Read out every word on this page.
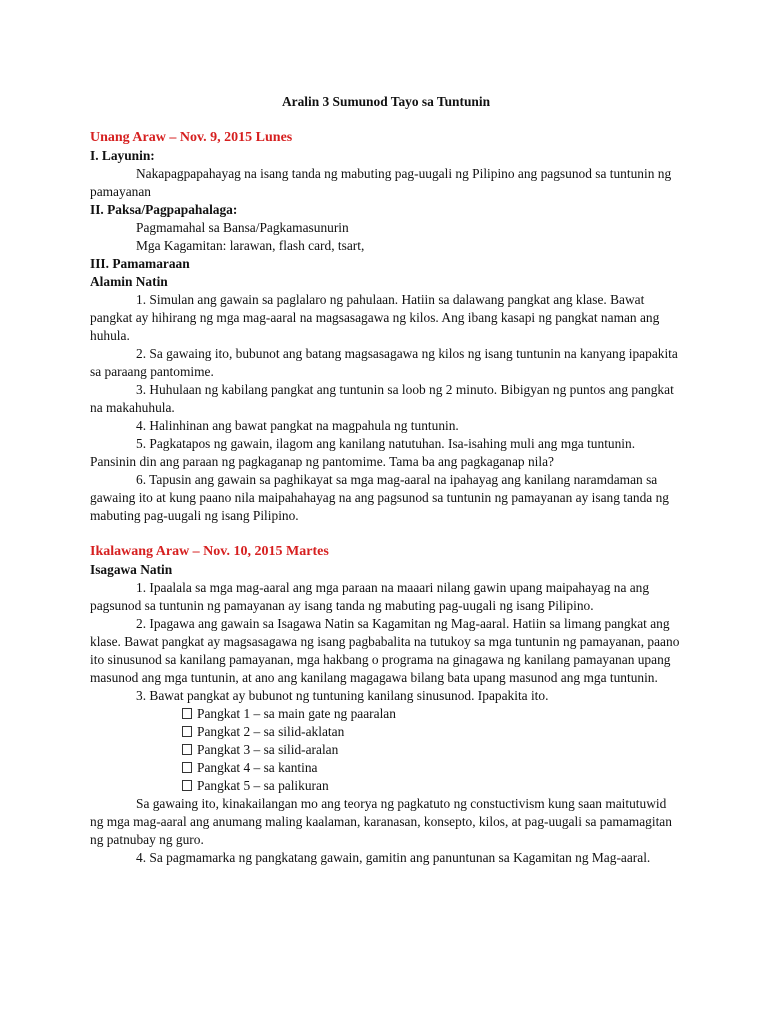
Aralin 3 Sumunod Tayo sa Tuntunin
Unang Araw – Nov. 9, 2015 Lunes
I. Layunin:

Nakapagpapahayag na isang tanda ng mabuting pag-uugali ng Pilipino ang pagsunod sa tuntunin ng pamayanan

II. Paksa/Pagpapahalaga:
Pagmamahal sa Bansa/Pagkamasunurin
Mga Kagamitan: larawan, flash card, tsart,
III. Pamamaraan
Alamin Natin

1. Simulan ang gawain sa paglalaro ng pahulaan. Hatiin sa dalawang pangkat ang klase. Bawat pangkat ay hihirang ng mga mag-aaral na magsasagawa ng kilos. Ang ibang kasapi ng pangkat naman ang huhula.

2. Sa gawaing ito, bubunot ang batang magsasagawa ng kilos ng isang tuntunin na kanyang ipapakita sa paraang pantomime.

3. Huhulaan ng kabilang pangkat ang tuntunin sa loob ng 2 minuto. Bibigyan ng puntos ang pangkat na makahuhula.

4. Halinhinan ang bawat pangkat na magpahula ng tuntunin.

5. Pagkatapos ng gawain, ilagom ang kanilang natutuhan. Isa-isahing muli ang mga tuntunin. Pansinin din ang paraan ng pagkaganap ng pantomime. Tama ba ang pagkaganap nila?

6. Tapusin ang gawain sa paghikayat sa mga mag-aaral na ipahayag ang kanilang naramdaman sa gawaing ito at kung paano nila maipahahayag na ang pagsunod sa tuntunin ng pamayanan ay isang tanda ng mabuting pag-uugali ng isang Pilipino.

Ikalawang Araw – Nov. 10, 2015 Martes
Isagawa Natin

1. Ipaalala sa mga mag-aaral ang mga paraan na maaari nilang gawin upang maipahayag na ang pagsunod sa tuntunin ng pamayanan ay isang tanda ng mabuting pag-uugali ng isang Pilipino.

2. Ipagawa ang gawain sa Isagawa Natin sa Kagamitan ng Mag-aaral. Hatiin sa limang pangkat ang klase. Bawat pangkat ay magsasagawa ng isang pagbabalita na tutukoy sa mga tuntunin ng pamayanan, paano ito sinusunod sa kanilang pamayanan, mga hakbang o programa na ginagawa ng kanilang pamayanan upang masunod ang mga tuntunin, at ano ang kanilang magagawa bilang bata upang masunod ang mga tuntunin.

3. Bawat pangkat ay bubunot ng tuntuning kanilang sinusunod. Ipapakita ito.

Pangkat 1 – sa main gate ng paaralan
Pangkat 2 – sa silid-aklatan
Pangkat 3 – sa silid-aralan
Pangkat 4 – sa kantina
Pangkat 5 – sa palikuran

Sa gawaing ito, kinakailangan mo ang teorya ng pagkatuto ng constuctivism kung saan maitutuwid ng mga mag-aaral ang anumang maling kaalaman, karanasan, konsepto, kilos, at pag-uugali sa pamamagitan ng patnubay ng guro.

4. Sa pagmamarka ng pangkatang gawain, gamitin ang panuntunan sa Kagamitan ng Mag-aaral.
